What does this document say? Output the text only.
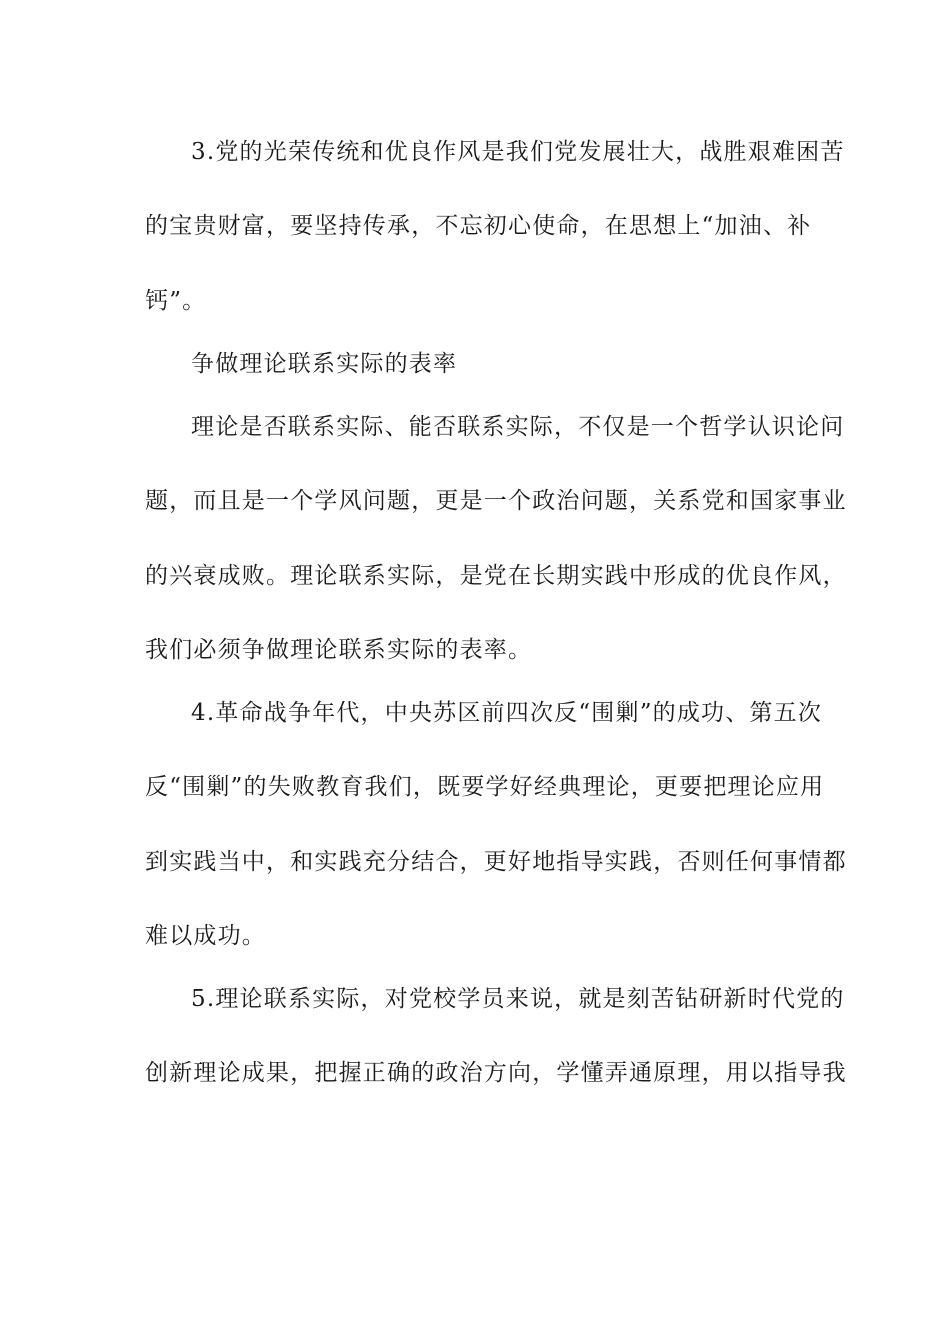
3.党的光荣传统和优良作风是我们党发展壮大，战胜艰难困苦
的宝贵财富，要坚持传承，不忘初心使命，在思想上“加油、补
钙”。
争做理论联系实际的表率
理论是否联系实际、能否联系实际，不仅是一个哲学认识论问
题，而且是一个学风问题，更是一个政治问题，关系党和国家事业
的兴衰成败。理论联系实际，是党在长期实践中形成的优良作风，
我们必须争做理论联系实际的表率。
4.革命战争年代，中央苏区前四次反“围剿”的成功、第五次
反“围剿”的失败教育我们，既要学好经典理论，更要把理论应用
到实践当中，和实践充分结合，更好地指导实践，否则任何事情都
难以成功。
5.理论联系实际，对党校学员来说，就是刻苦钻研新时代党的
创新理论成果，把握正确的政治方向，学懂弄通原理，用以指导我
